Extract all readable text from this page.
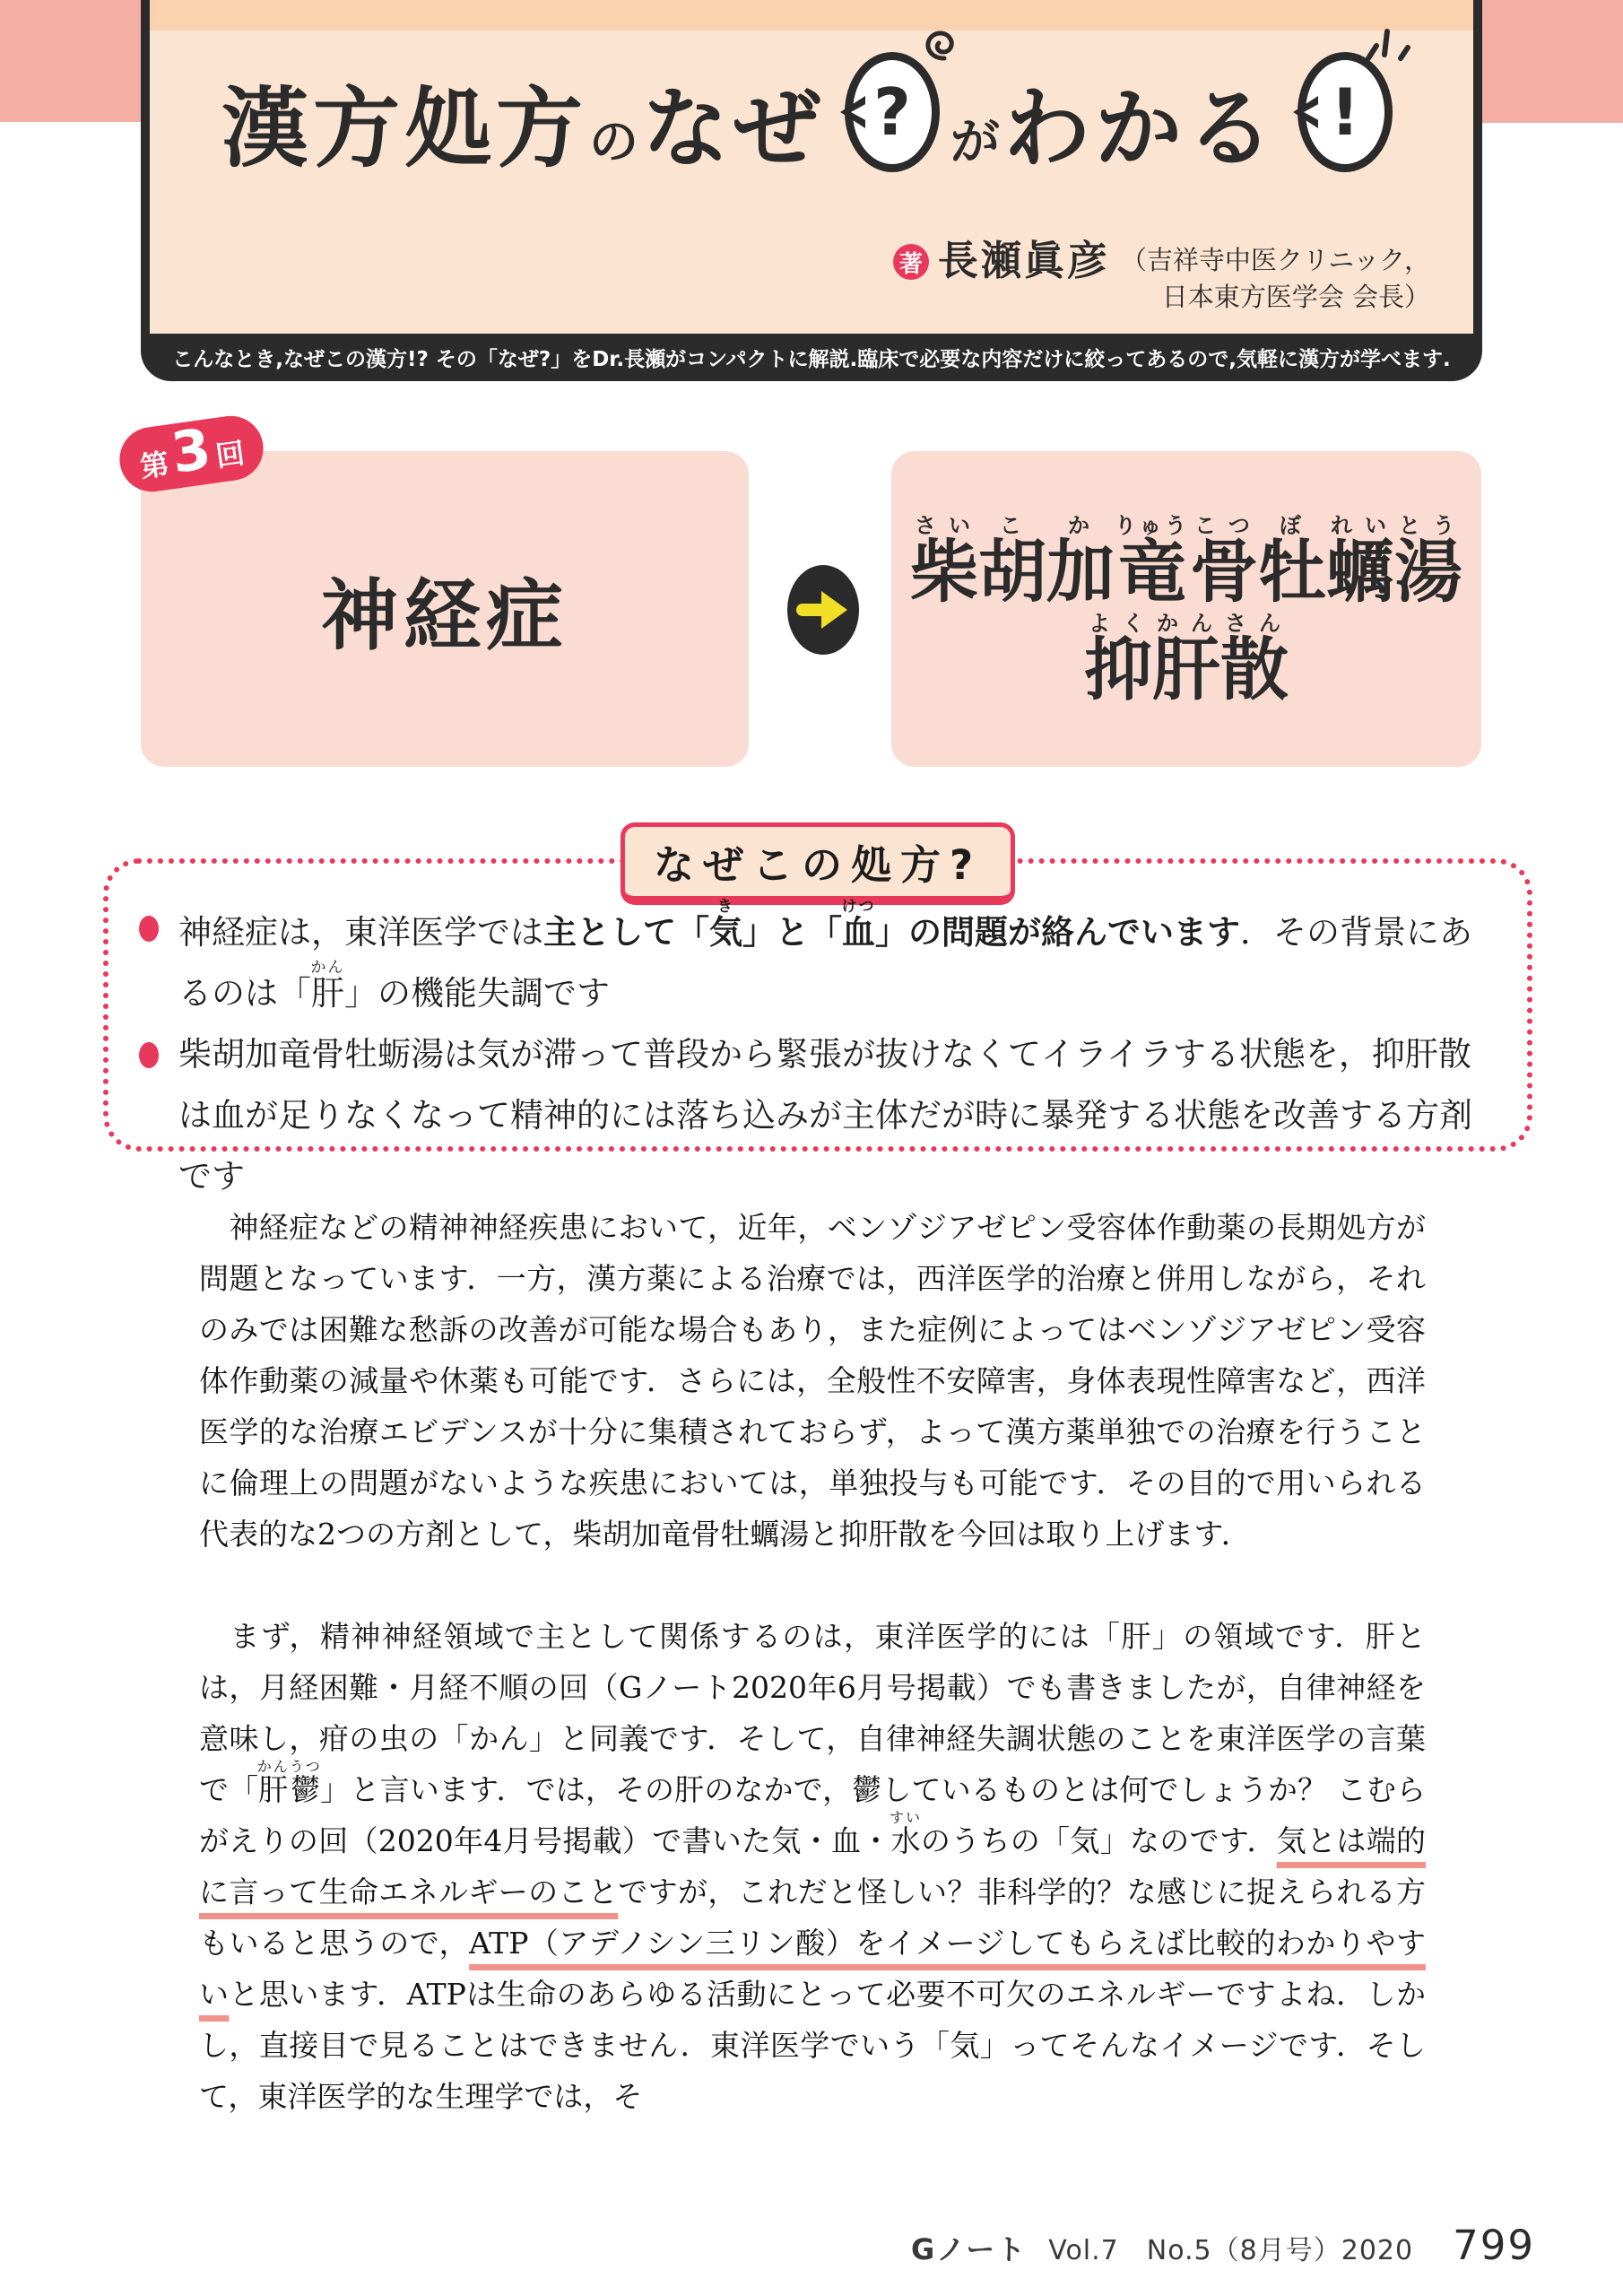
漢方処方 の なぜ ? が わかる !
著 長瀬眞彦 （吉祥寺中医クリニック，
日本東方医学会 会長）
こんなとき,なぜこの漢方!? その「なぜ?」をDr.長瀬がコンパクトに解説.臨床で必要な内容だけに絞ってあるので,気軽に漢方が学べます.
第
3
回
神経症	柴さい胡こ加か竜りゅう骨こつ牡ぼ蠣れい湯とう
抑よく肝かん散さん
なぜこの処方?
神経症は，東洋医学では主として「気き」と「血けつ」の問題が絡んでいます．その背景にあるのは「肝かん」の機能失調です
柴胡加竜骨牡蛎湯は気が滞って普段から緊張が抜けなくてイライラする状態を，抑肝散は血が足りなくなって精神的には落ち込みが主体だが時に暴発する状態を改善する方剤です

　神経症などの精神神経疾患において，近年，ベンゾジアゼピン受容体作動薬の長期処方が問題となっています．一方，漢方薬による治療では，西洋医学的治療と併用しながら，それのみでは困難な愁訴の改善が可能な場合もあり，また症例によってはベンゾジアゼピン受容体作動薬の減量や休薬も可能です．さらには，全般性不安障害，身体表現性障害など，西洋医学的な治療エビデンスが十分に集積されておらず，よって漢方薬単独での治療を行うことに倫理上の問題がないような疾患においては，単独投与も可能です．その目的で用いられる代表的な2つの方剤として，柴胡加竜骨牡蠣湯と抑肝散を今回は取り上げます．

　まず，精神神経領域で主として関係するのは，東洋医学的には「肝」の領域です．肝とは，月経困難・月経不順の回（Gノート2020年6月号掲載）でも書きましたが，自律神経を意味し，疳の虫の「かん」と同義です．そして，自律神経失調状態のことを東洋医学の言葉で「肝鬱かんうつ」と言います．では，その肝のなかで，鬱しているものとは何でしょうか？ こむらがえりの回（2020年4月号掲載）で書いた気・血・水すいのうちの「気」なのです．気とは端的に言って生命エネルギーのことですが，これだと怪しい？非科学的？な感じに捉えられる方もいると思うので，ATP（アデノシン三リン酸）をイメージしてもらえば比較的わかりやすいと思います．ATPは生命のあらゆる活動にとって必要不可欠のエネルギーですよね．しかし，直接目で見ることはできません．東洋医学でいう「気」ってそんなイメージです．そして，東洋医学的な生理学では，そ

Gノート Vol.7　No.5（8月号）2020 799
